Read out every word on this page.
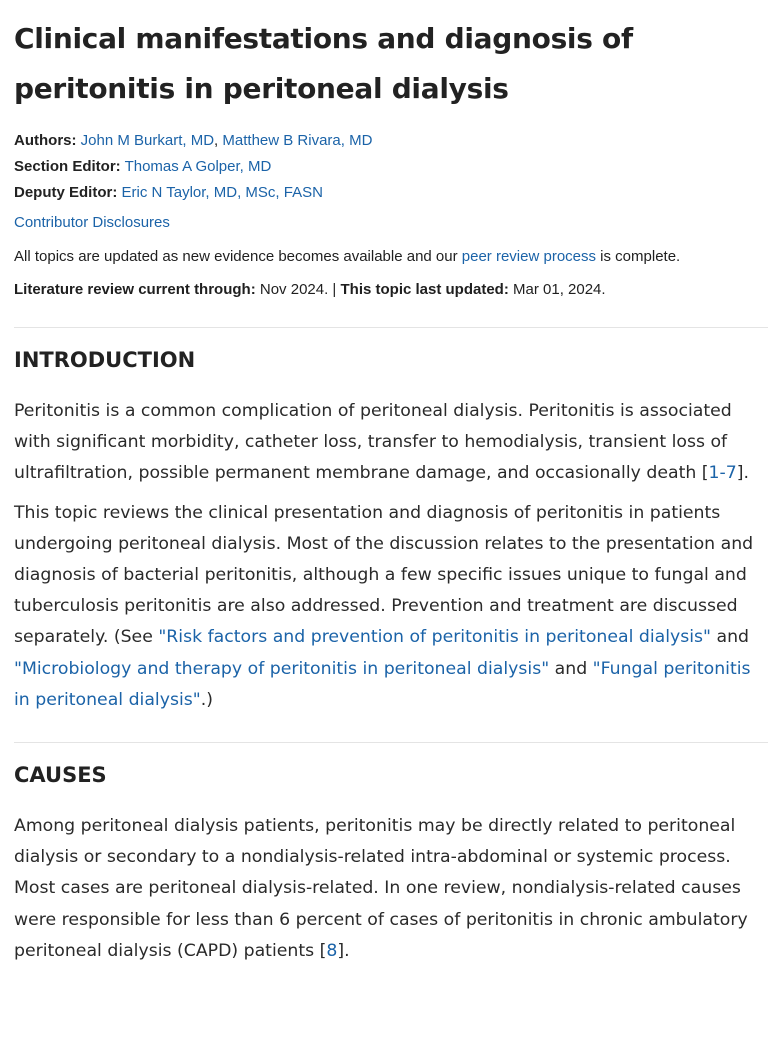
Clinical manifestations and diagnosis of peritonitis in peritoneal dialysis
Authors: John M Burkart, MD, Matthew B Rivara, MD
Section Editor: Thomas A Golper, MD
Deputy Editor: Eric N Taylor, MD, MSc, FASN
Contributor Disclosures
All topics are updated as new evidence becomes available and our peer review process is complete.
Literature review current through: Nov 2024. | This topic last updated: Mar 01, 2024.
INTRODUCTION

Peritonitis is a common complication of peritoneal dialysis. Peritonitis is associated with significant morbidity, catheter loss, transfer to hemodialysis, transient loss of ultrafiltration, possible permanent membrane damage, and occasionally death [1-7].

This topic reviews the clinical presentation and diagnosis of peritonitis in patients undergoing peritoneal dialysis. Most of the discussion relates to the presentation and diagnosis of bacterial peritonitis, although a few specific issues unique to fungal and tuberculosis peritonitis are also addressed. Prevention and treatment are discussed separately. (See "Risk factors and prevention of peritonitis in peritoneal dialysis" and "Microbiology and therapy of peritonitis in peritoneal dialysis" and "Fungal peritonitis in peritoneal dialysis".)

CAUSES

Among peritoneal dialysis patients, peritonitis may be directly related to peritoneal dialysis or secondary to a nondialysis-related intra-abdominal or systemic process. Most cases are peritoneal dialysis-related. In one review, nondialysis-related causes were responsible for less than 6 percent of cases of peritonitis in chronic ambulatory peritoneal dialysis (CAPD) patients [8].
